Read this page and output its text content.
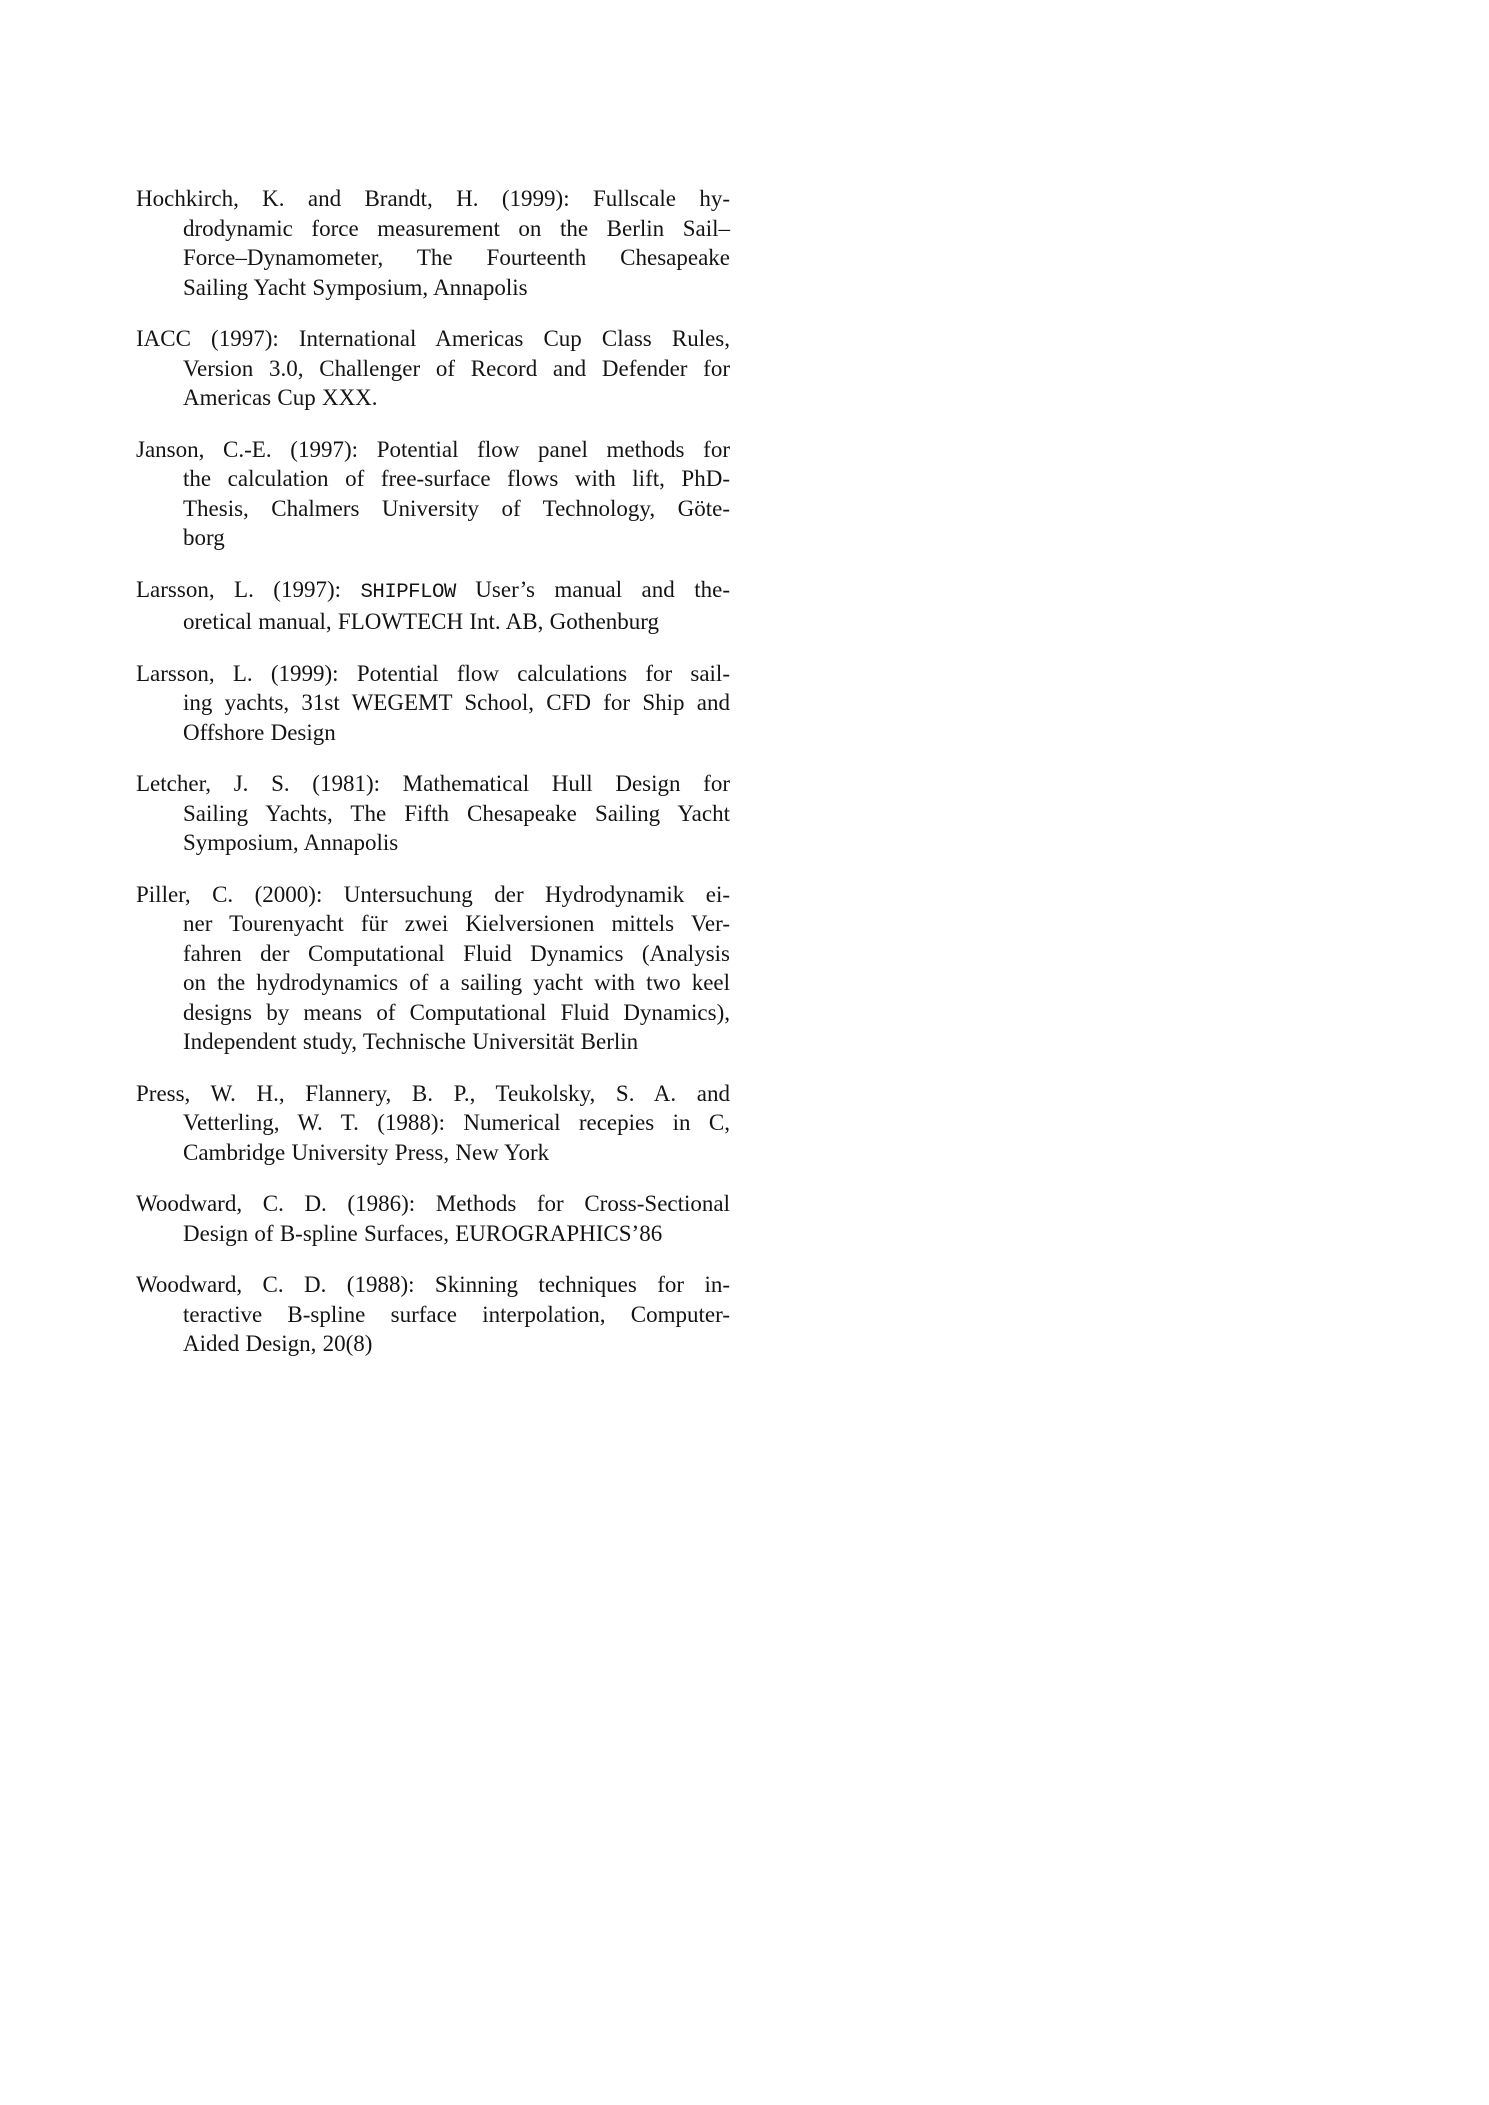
Hochkirch, K. and Brandt, H. (1999): Fullscale hy-
drodynamic force measurement on the Berlin Sail–
Force–Dynamometer, The Fourteenth Chesapeake
Sailing Yacht Symposium, Annapolis
IACC (1997): International Americas Cup Class Rules,
Version 3.0, Challenger of Record and Defender for
Americas Cup XXX.
Janson, C.-E. (1997): Potential flow panel methods for
the calculation of free-surface flows with lift, PhD-
Thesis, Chalmers University of Technology, Göte-
borg
Larsson, L. (1997): SHIPFLOW User’s manual and the-
oretical manual, FLOWTECH Int. AB, Gothenburg
Larsson, L. (1999): Potential flow calculations for sail-
ing yachts, 31st WEGEMT School, CFD for Ship and
Offshore Design
Letcher, J. S. (1981): Mathematical Hull Design for
Sailing Yachts, The Fifth Chesapeake Sailing Yacht
Symposium, Annapolis
Piller, C. (2000): Untersuchung der Hydrodynamik ei-
ner Tourenyacht für zwei Kielversionen mittels Ver-
fahren der Computational Fluid Dynamics (Analysis
on the hydrodynamics of a sailing yacht with two keel
designs by means of Computational Fluid Dynamics),
Independent study, Technische Universität Berlin
Press, W. H., Flannery, B. P., Teukolsky, S. A. and
Vetterling, W. T. (1988): Numerical recepies in C,
Cambridge University Press, New York
Woodward, C. D. (1986): Methods for Cross-Sectional
Design of B-spline Surfaces, EUROGRAPHICS’86
Woodward, C. D. (1988): Skinning techniques for in-
teractive B-spline surface interpolation, Computer-
Aided Design, 20(8)
